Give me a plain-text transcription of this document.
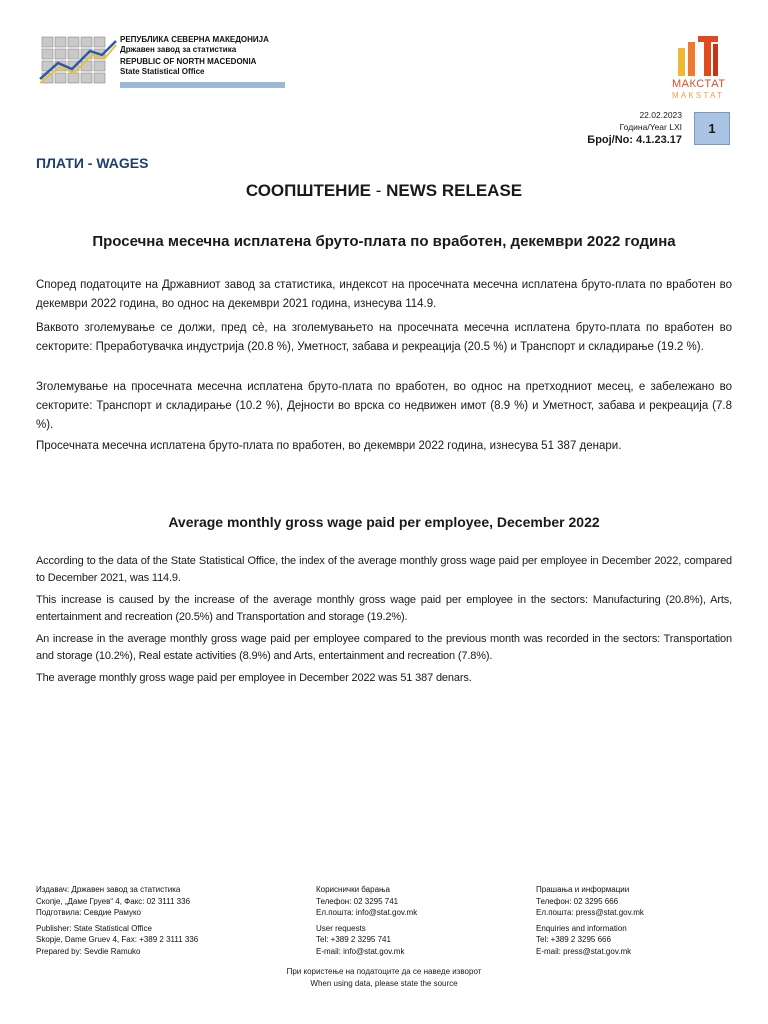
РЕПУБЛИКА СЕВЕРНА МАКЕДОНИЈА
Државен завод за статистика
REPUBLIC OF NORTH MACEDONIA
State Statistical Office
МАКСТАТ
MAKSTAT
22.02.2023
Година/Year LXI
Број/No: 4.1.23.17
1
ПЛАТИ - WAGES
СООПШТЕНИЕ - NEWS RELEASE
Просечна месечна исплатена бруто-плата по вработен, декември 2022 година
Според податоците на Државниот завод за статистика, индексот на просечната месечна исплатена бруто-плата по вработен во декември 2022 година, во однос на декември 2021 година, изнесува 114.9.
Ваквото зголемување се должи, пред сè, на зголемувањето на просечната месечна исплатена бруто-плата по вработен во секторите: Преработувачка индустрија (20.8 %), Уметност, забава и рекреација (20.5 %) и Транспорт и складирање (19.2 %).
Зголемување на просечната месечна исплатена бруто-плата по вработен, во однос на претходниот месец, е забележано во секторите: Транспорт и складирање (10.2 %), Дејности во врска со недвижен имот (8.9 %) и Уметност, забава и рекреација (7.8 %).
Просечната месечна исплатена бруто-плата по вработен, во декември 2022 година, изнесува 51 387 денари.
Average monthly gross wage paid per employee, December 2022
According to the data of the State Statistical Office, the index of the average monthly gross wage paid per employee in December 2022, compared to December 2021, was 114.9.
This increase is caused by the increase of the average monthly gross wage paid per employee in the sectors: Manufacturing (20.8%), Arts, entertainment and recreation (20.5%) and Transportation and storage (19.2%).
An increase in the average monthly gross wage paid per employee compared to the previous month was recorded in the sectors: Transportation and storage (10.2%), Real estate activities (8.9%) and Arts, entertainment and recreation (7.8%).
The average monthly gross wage paid per employee in December 2022 was 51 387 denars.
Издавач: Државен завод за статистика
Скопје, „Даме Груев“ 4, Факс: 02 3111 336
Подготвила: Севдие Рамуко
Publisher: State Statistical Office
Skopje, Dame Gruev 4, Fax: +389 2 3111 336
Prepared by: Sevdie Ramuko
Кориснички барања
Телефон: 02 3295 741
Ел.пошта: info@stat.gov.mk
User requests
Tel: +389 2 3295 741
E-mail: info@stat.gov.mk
Прашања и информации
Телефон: 02 3295 666
Ел.пошта: press@stat.gov.mk
Enquiries and information
Tel: +389 2 3295 666
E-mail: press@stat.gov.mk
При користење на податоците да се наведе изворот
When using data, please state the source
